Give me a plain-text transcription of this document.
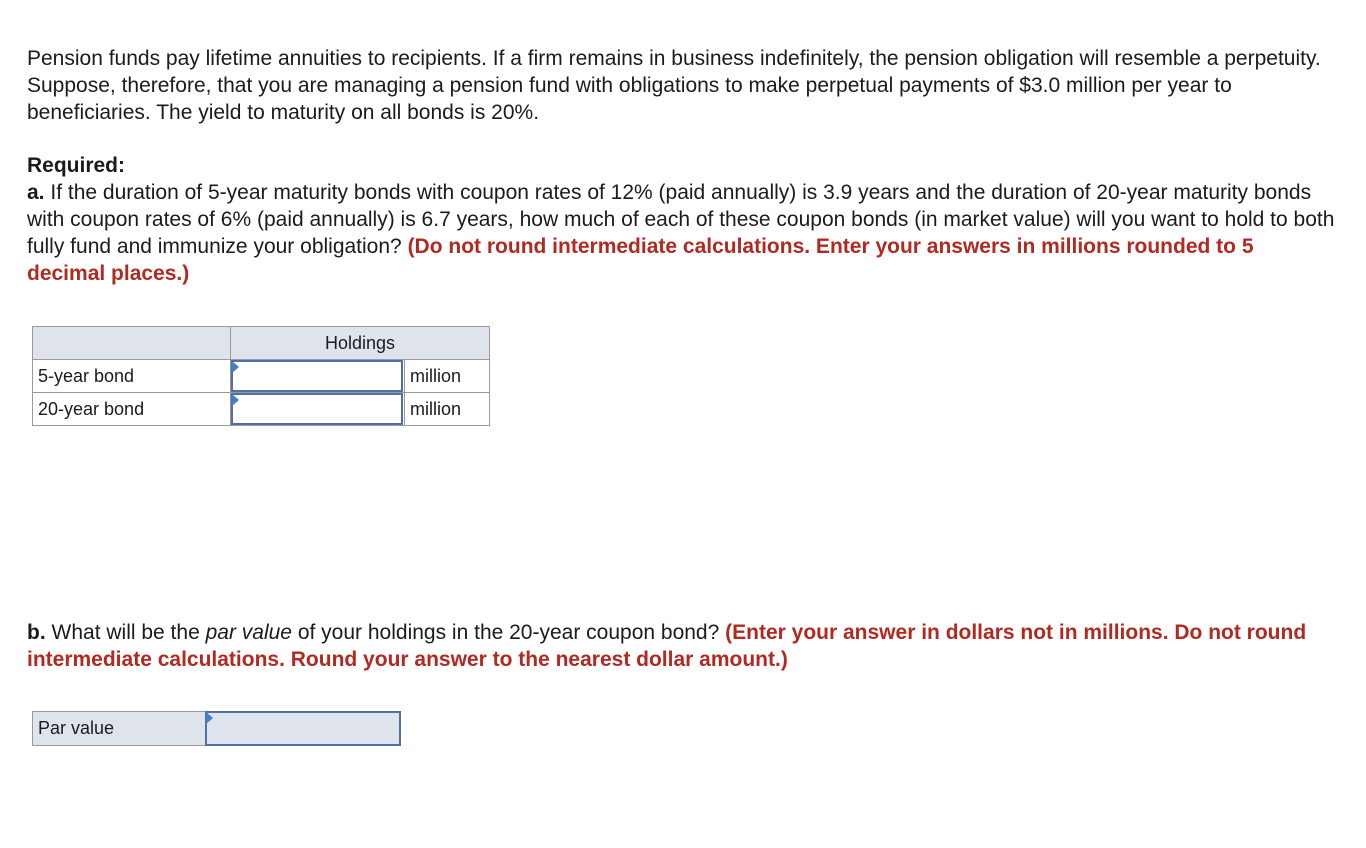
Pension funds pay lifetime annuities to recipients. If a firm remains in business indefinitely, the pension obligation will resemble a perpetuity. Suppose, therefore, that you are managing a pension fund with obligations to make perpetual payments of $3.0 million per year to beneficiaries. The yield to maturity on all bonds is 20%.

Required:
a. If the duration of 5-year maturity bonds with coupon rates of 12% (paid annually) is 3.9 years and the duration of 20-year maturity bonds with coupon rates of 6% (paid annually) is 6.7 years, how much of each of these coupon bonds (in market value) will you want to hold to both fully fund and immunize your obligation? (Do not round intermediate calculations. Enter your answers in millions rounded to 5 decimal places.)

	Holdings	
5-year bond		million
20-year bond		million

b. What will be the par value of your holdings in the 20-year coupon bond? (Enter your answer in dollars not in millions. Do not round intermediate calculations. Round your answer to the nearest dollar amount.)

Par value
